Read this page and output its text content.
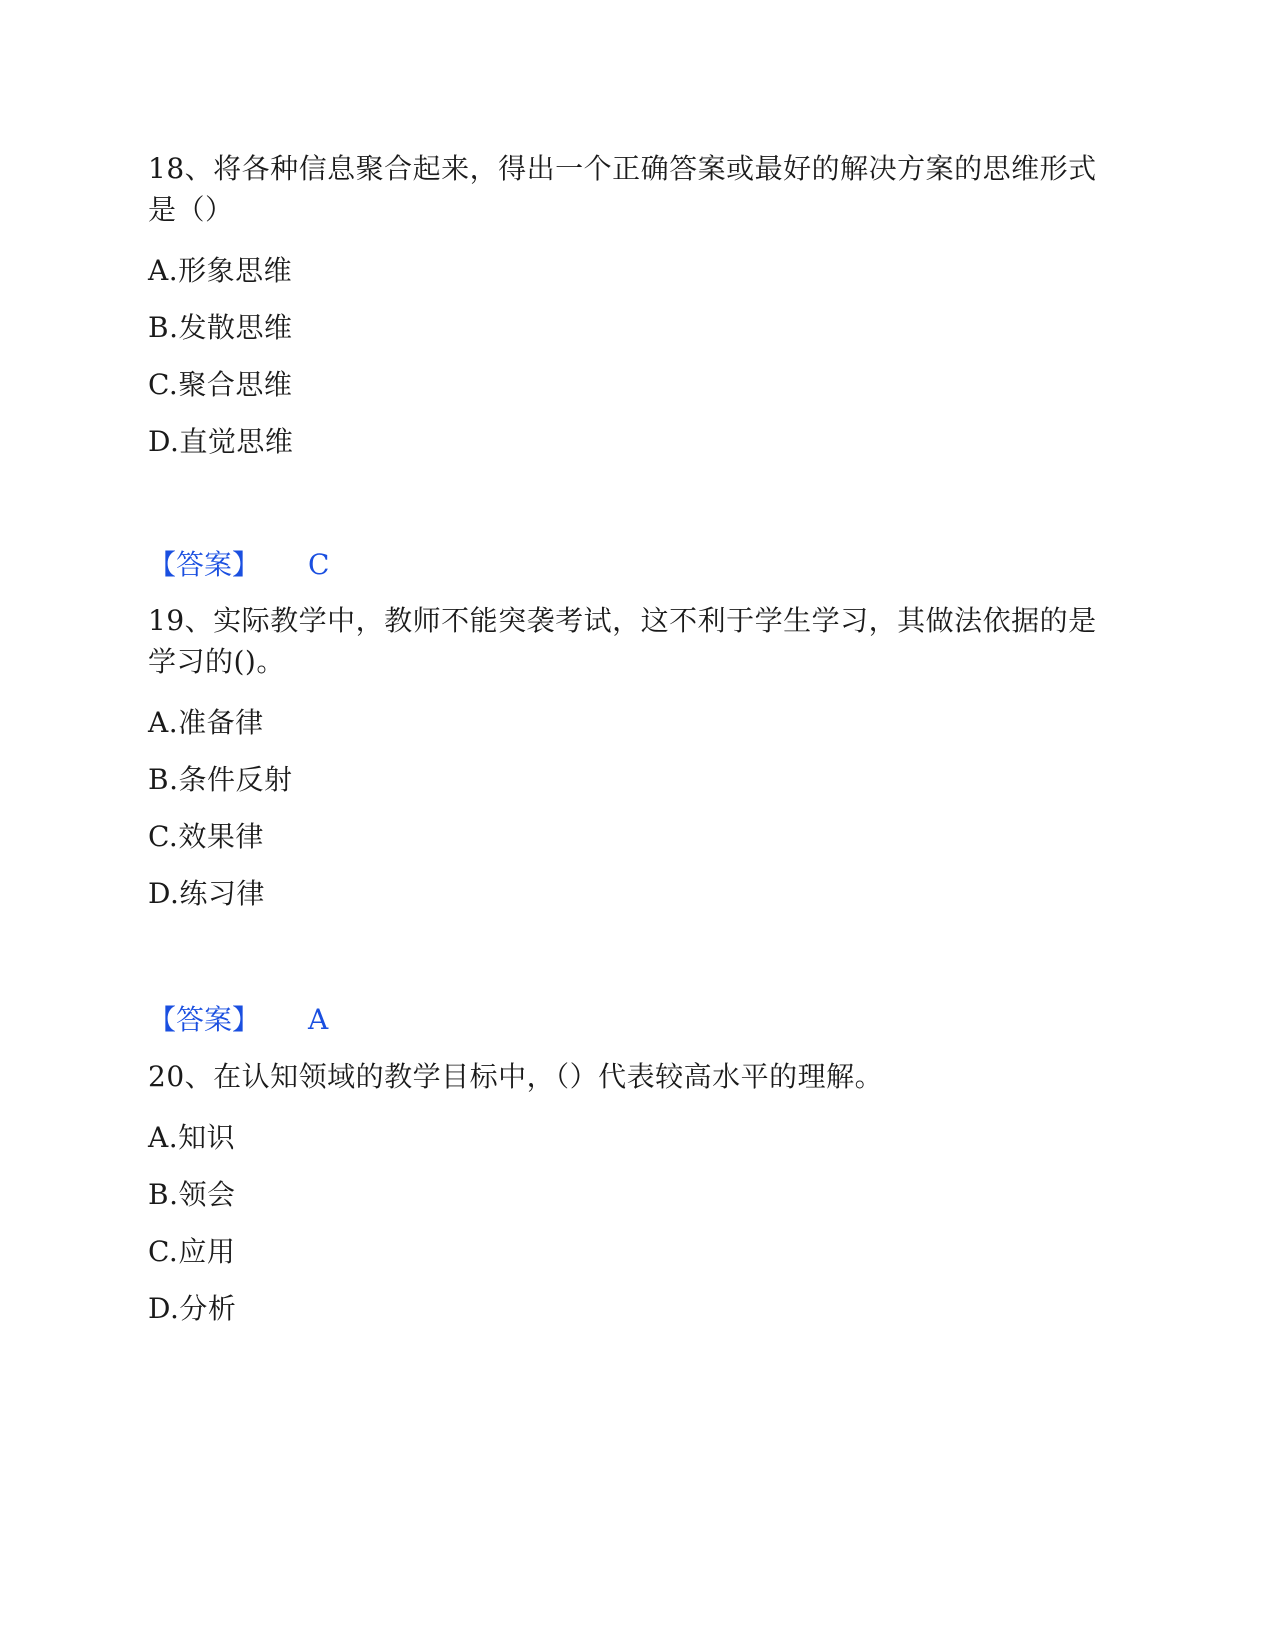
18、将各种信息聚合起来，得出一个正确答案或最好的解决方案的思维形式是（）

A.形象思维

B.发散思维

C.聚合思维

D.直觉思维

【答案】 C

19、实际教学中，教师不能突袭考试，这不利于学生学习，其做法依据的是学习的()。

A.准备律

B.条件反射

C.效果律

D.练习律

【答案】 A

20、在认知领域的教学目标中，（）代表较高水平的理解。

A.知识

B.领会

C.应用

D.分析
